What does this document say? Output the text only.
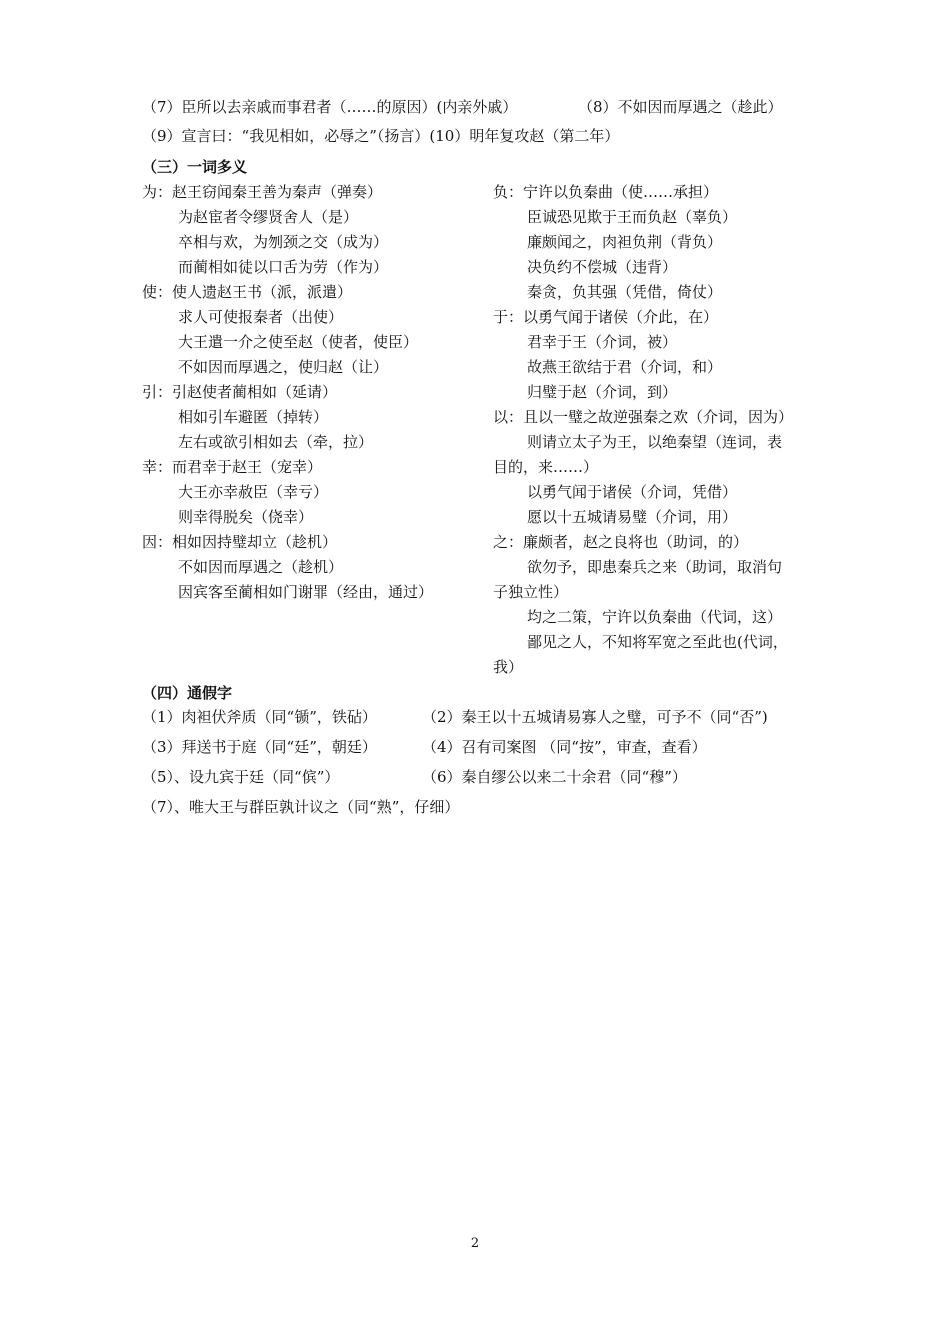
（7）臣所以去亲戚而事君者（……的原因）(内亲外戚）	（8）不如因而厚遇之（趁此）
（9）宣言曰：“我见相如，必辱之”（扬言）(10）明年复攻赵（第二年）
（三）一词多义
为：赵王窃闻秦王善为秦声（弹奏）
为赵宦者令缪贤舍人（是）
卒相与欢，为刎颈之交（成为）
而蔺相如徒以口舌为劳（作为）
使：使人遗赵王书（派，派遣）
求人可使报秦者（出使）
大王遣一介之使至赵（使者，使臣）
不如因而厚遇之，使归赵（让）
引：引赵使者蔺相如（延请）
相如引车避匿（掉转）
左右或欲引相如去（牵，拉）
幸：而君幸于赵王（宠幸）
大王亦幸赦臣（幸亏）
则幸得脱矣（侥幸）
因：相如因持璧却立（趁机）
不如因而厚遇之（趁机）
因宾客至蔺相如门谢罪（经由，通过）
负：宁许以负秦曲（使……承担）
臣诚恐见欺于王而负赵（辜负）
廉颇闻之，肉袒负荆（背负）
决负约不偿城（违背）
秦贪，负其强（凭借，倚仗）
于：以勇气闻于诸侯（介此，在）
君幸于王（介词，被）
故燕王欲结于君（介词，和）
归璧于赵（介词，到）
以：且以一璧之故逆强秦之欢（介词，因为）
则请立太子为王，以绝秦望（连词，表
目的，来……）
以勇气闻于诸侯（介词，凭借）
愿以十五城请易璧（介词，用）
之：廉颇者，赵之良将也（助词，的）
欲勿予，即患秦兵之来（助词，取消句
子独立性）
均之二策，宁许以负秦曲（代词，这）
鄙见之人，不知将军宽之至此也(代词，
我）
（四）通假字
（1）肉袒伏斧质（同“锧”，铁砧）	（2）秦王以十五城请易寡人之璧，可予不（同“否”)
（3）拜送书于庭（同“廷”，朝廷）	（4）召有司案图 （同“按”，审查，查看）
（5）、设九宾于廷（同“傧”）	（6）秦自缪公以来二十余君（同“穆”）
（7）、唯大王与群臣孰计议之（同“熟”，仔细）
2
